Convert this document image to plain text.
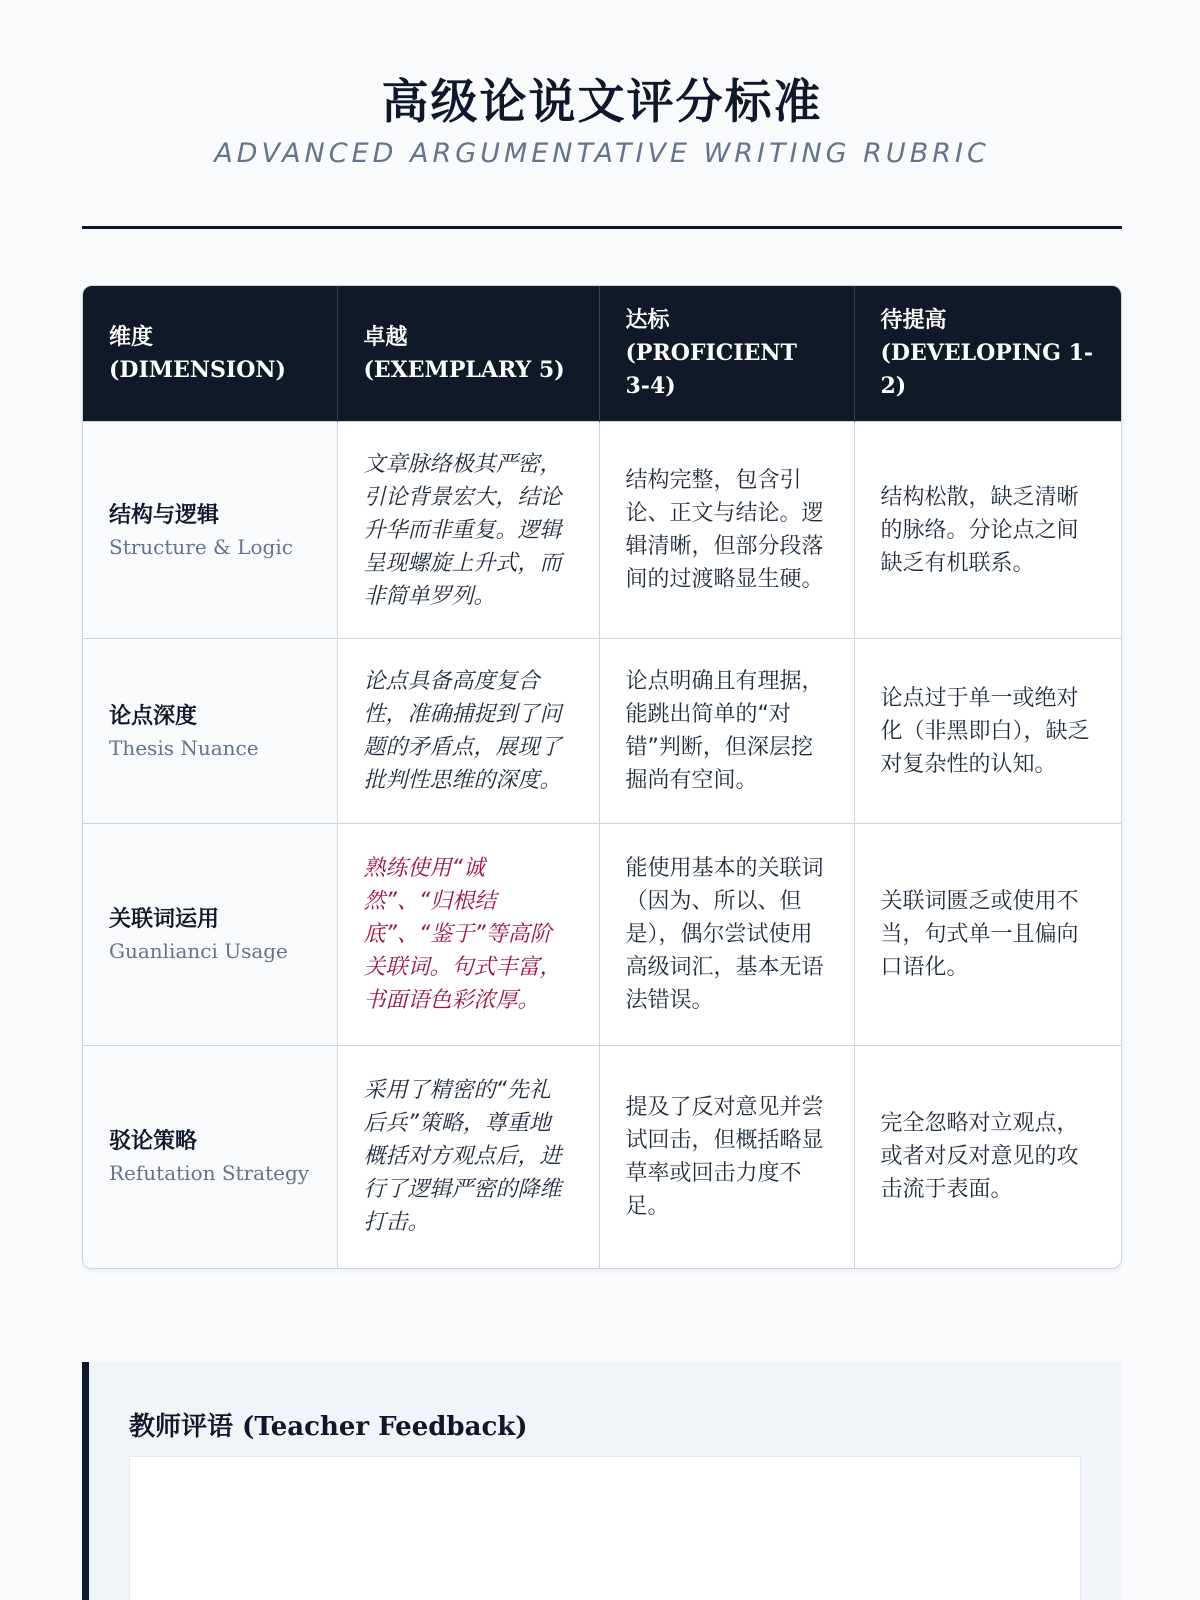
高级论说文评分标准
ADVANCED ARGUMENTATIVE WRITING RUBRIC
维度 (DIMENSION)	卓越 (EXEMPLARY 5)	达标 (PROFICIENT 3-4)	待提高 (DEVELOPING 1-2)

结构与逻辑
Structure & Logic	文章脉络极其严密，引论背景宏大，结论升华而非重复。逻辑呈现螺旋上升式，而非简单罗列。	结构完整，包含引论、正文与结论。逻辑清晰，但部分段落间的过渡略显生硬。	结构松散，缺乏清晰的脉络。分论点之间缺乏有机联系。

论点深度
Thesis Nuance	论点具备高度复合性，准确捕捉到了问题的矛盾点，展现了批判性思维的深度。	论点明确且有理据，能跳出简单的“对错”判断，但深层挖掘尚有空间。	论点过于单一或绝对化（非黑即白），缺乏对复杂性的认知。

关联词运用
Guanlianci Usage	熟练使用“诚然”、“归根结底”、“鉴于”等高阶关联词。句式丰富，书面语色彩浓厚。	能使用基本的关联词（因为、所以、但是），偶尔尝试使用高级词汇，基本无语法错误。	关联词匮乏或使用不当，句式单一且偏向口语化。

驳论策略
Refutation Strategy	采用了精密的“先礼后兵”策略，尊重地概括对方观点后，进行了逻辑严密的降维打击。	提及了反对意见并尝试回击，但概括略显草率或回击力度不足。	完全忽略对立观点，或者对反对意见的攻击流于表面。
教师评语 (Teacher Feedback)
